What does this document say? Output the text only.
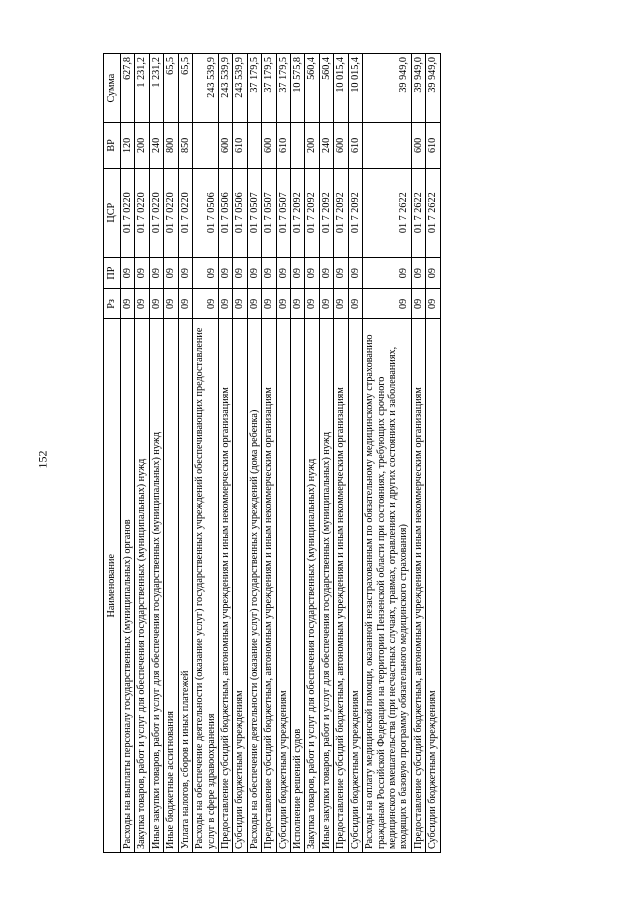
152
Наименование	Рз	ПР	ЦСР	ВР	Сумма
Расходы на выплаты персоналу государственных (муниципальных) органов	09	09	01 7 0220	120	627,8
Закупка товаров, работ и услуг для обеспечения государственных (муниципальных) нужд	09	09	01 7 0220	200	1 231,2
Иные закупки товаров, работ и услуг для обеспечения государственных (муниципальных) нужд	09	09	01 7 0220	240	1 231,2
Иные бюджетные ассигнования	09	09	01 7 0220	800	65,5
Уплата налогов, сборов и иных платежей	09	09	01 7 0220	850	65,5
Расходы на обеспечение деятельности (оказание услуг) государственных учреждений обеспечивающих предоставление услуг в сфере здравоохранения	09	09	01 7 0506		243 539,9
Предоставление субсидий бюджетным, автономным учреждениям и иным некоммерческим организациям	09	09	01 7 0506	600	243 539,9
Субсидии бюджетным учреждениям	09	09	01 7 0506	610	243 539,9
Расходы на обеспечение деятельности (оказание услуг) государственных учреждений (дома ребенка)	09	09	01 7 0507		37 179,5
Предоставление субсидий бюджетным, автономным учреждениям и иным некоммерческим организациям	09	09	01 7 0507	600	37 179,5
Субсидии бюджетным учреждениям	09	09	01 7 0507	610	37 179,5
Исполнение решений судов	09	09	01 7 2092		10 575,8
Закупка товаров, работ и услуг для обеспечения государственных (муниципальных) нужд	09	09	01 7 2092	200	560,4
Иные закупки товаров, работ и услуг для обеспечения государственных (муниципальных) нужд	09	09	01 7 2092	240	560,4
Предоставление субсидий бюджетным, автономным учреждениям и иным некоммерческим организациям	09	09	01 7 2092	600	10 015,4
Субсидии бюджетным учреждениям	09	09	01 7 2092	610	10 015,4
Расходы на оплату медицинской помощи, оказанной незастрахованным по обязательному медицинскому страхованию гражданам Российской Федерации на территории Пензенской области при состояниях, требующих срочного медицинского вмешательства (при несчастных случаях, травмах, отравлениях и других состояниях и заболеваниях, входящих в базовую программу обязательного медицинского страхования)	09	09	01 7 2622		39 949,0
Предоставление субсидий бюджетным, автономным учреждениям и иным некоммерческим организациям	09	09	01 7 2622	600	39 949,0
Субсидии бюджетным учреждениям	09	09	01 7 2622	610	39 949,0
